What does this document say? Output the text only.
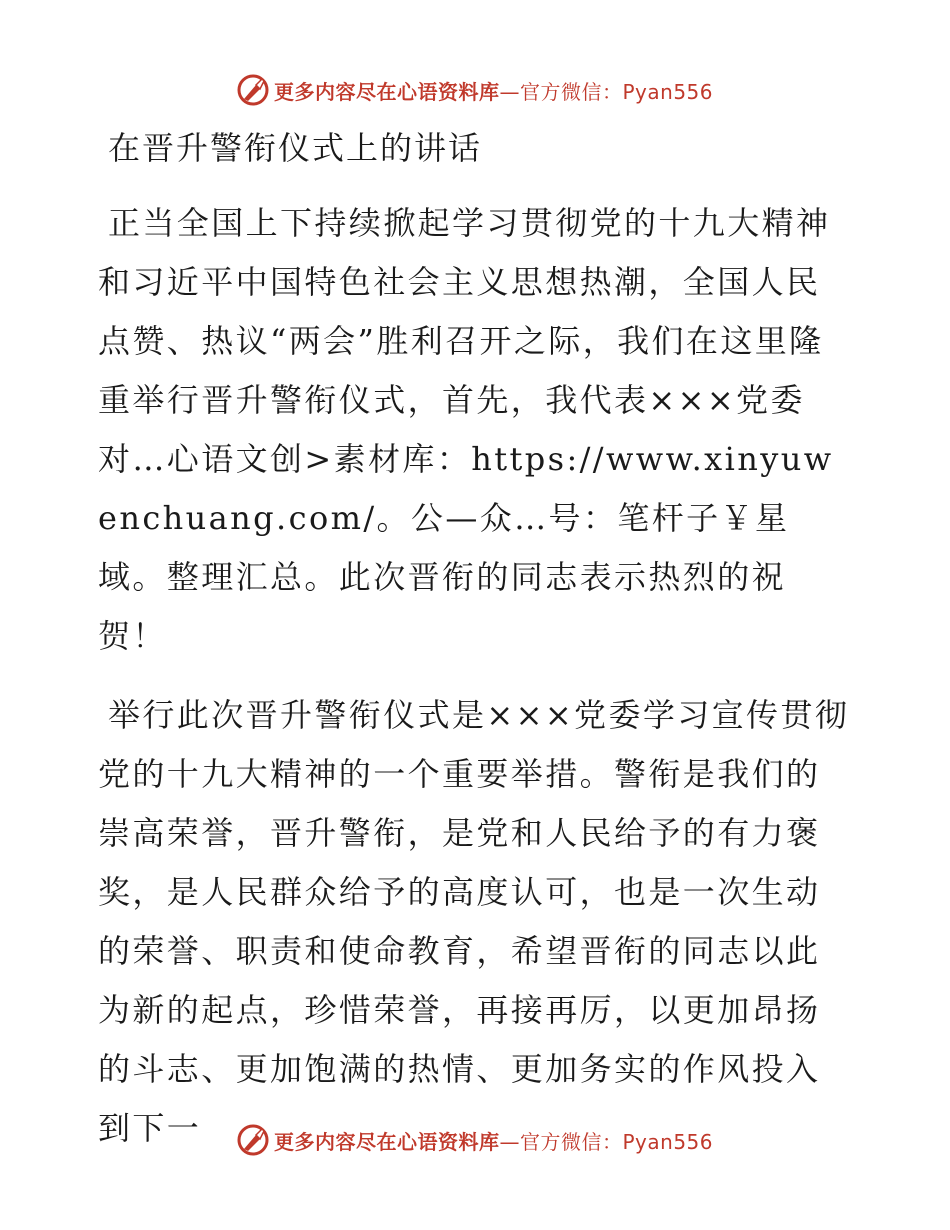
更多内容尽在心语资料库—官方微信：Pyan556
在晋升警衔仪式上的讲话

正当全国上下持续掀起学习贯彻党的十九大精神和习近平中国特色社会主义思想热潮，全国人民点赞、热议“两会”胜利召开之际，我们在这里隆重举行晋升警衔仪式，首先，我代表×××党委对…心语文创>素材库：https://www.xinyuwenchuang.com/。公—众…号：笔杆子￥星域。整理汇总。此次晋衔的同志表示热烈的祝贺！

举行此次晋升警衔仪式是×××党委学习宣传贯彻党的十九大精神的一个重要举措。警衔是我们的崇高荣誉，晋升警衔，是党和人民给予的有力褒奖，是人民群众给予的高度认可，也是一次生动的荣誉、职责和使命教育，希望晋衔的同志以此为新的起点，珍惜荣誉，再接再厉，以更加昂扬的斗志、更加饱满的热情、更加务实的作风投入到下一	更多内容尽在心语资料库—官方微信：Pyan556
